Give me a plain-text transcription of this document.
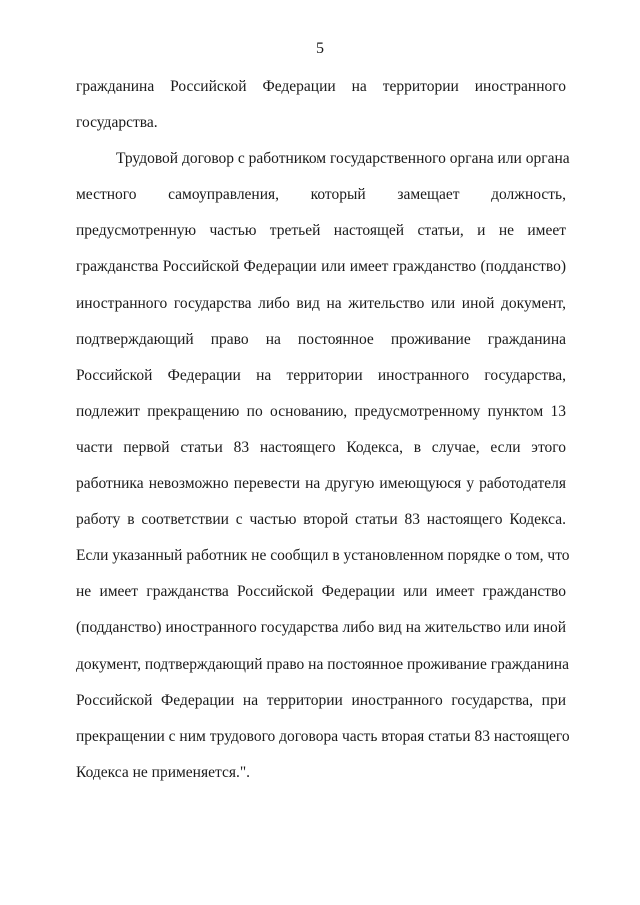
5
гражданина Российской Федерации на территории иностранного
государства.
Трудовой договор с работником государственного органа или органа
местного самоуправления, который замещает должность,
предусмотренную частью третьей настоящей статьи, и не имеет
гражданства Российской Федерации или имеет гражданство (подданство)
иностранного государства либо вид на жительство или иной документ,
подтверждающий право на постоянное проживание гражданина
Российской Федерации на территории иностранного государства,
подлежит прекращению по основанию, предусмотренному пунктом 13
части первой статьи 83 настоящего Кодекса, в случае, если этого
работника невозможно перевести на другую имеющуюся у работодателя
работу в соответствии с частью второй статьи 83 настоящего Кодекса.
Если указанный работник не сообщил в установленном порядке о том, что
не имеет гражданства Российской Федерации или имеет гражданство
(подданство) иностранного государства либо вид на жительство или иной
документ, подтверждающий право на постоянное проживание гражданина
Российской Федерации на территории иностранного государства, при
прекращении с ним трудового договора часть вторая статьи 83 настоящего
Кодекса не применяется.".
